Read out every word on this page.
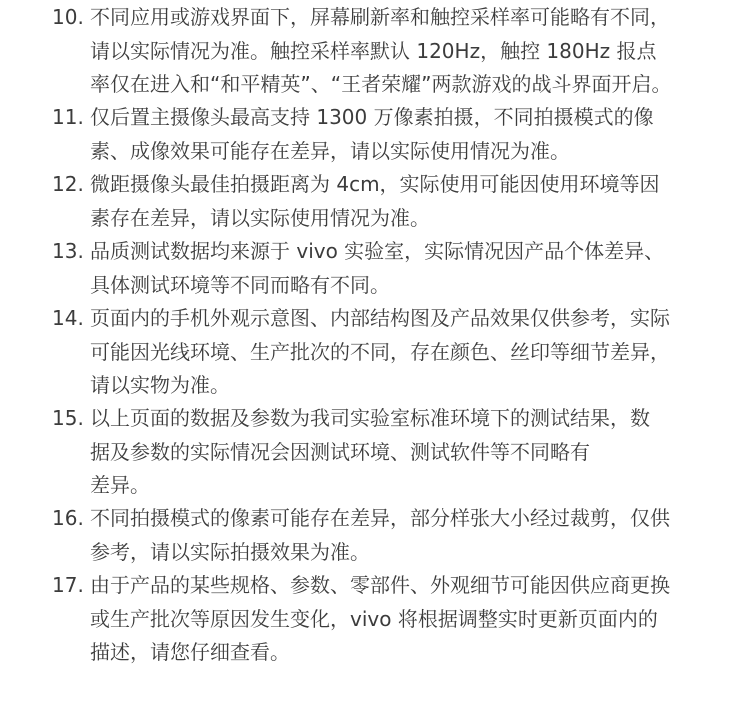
10. 不同应用或游戏界面下，屏幕刷新率和触控采样率可能略有不同，
请以实际情况为准。触控采样率默认 120Hz，触控 180Hz 报点
率仅在进入和“和平精英”、“王者荣耀”两款游戏的战斗界面开启。
11. 仅后置主摄像头最高支持 1300 万像素拍摄，不同拍摄模式的像
素、成像效果可能存在差异，请以实际使用情况为准。
12. 微距摄像头最佳拍摄距离为 4cm，实际使用可能因使用环境等因
素存在差异，请以实际使用情况为准。
13. 品质测试数据均来源于 vivo 实验室，实际情况因产品个体差异、
具体测试环境等不同而略有不同。
14. 页面内的手机外观示意图、内部结构图及产品效果仅供参考，实际
可能因光线环境、生产批次的不同，存在颜色、丝印等细节差异，
请以实物为准。
15. 以上页面的数据及参数为我司实验室标准环境下的测试结果，数
据及参数的实际情况会因测试环境、测试软件等不同略有
差异。
16. 不同拍摄模式的像素可能存在差异，部分样张大小经过裁剪，仅供
参考，请以实际拍摄效果为准。
17. 由于产品的某些规格、参数、零部件、外观细节可能因供应商更换
或生产批次等原因发生变化，vivo 将根据调整实时更新页面内的
描述，请您仔细查看。
